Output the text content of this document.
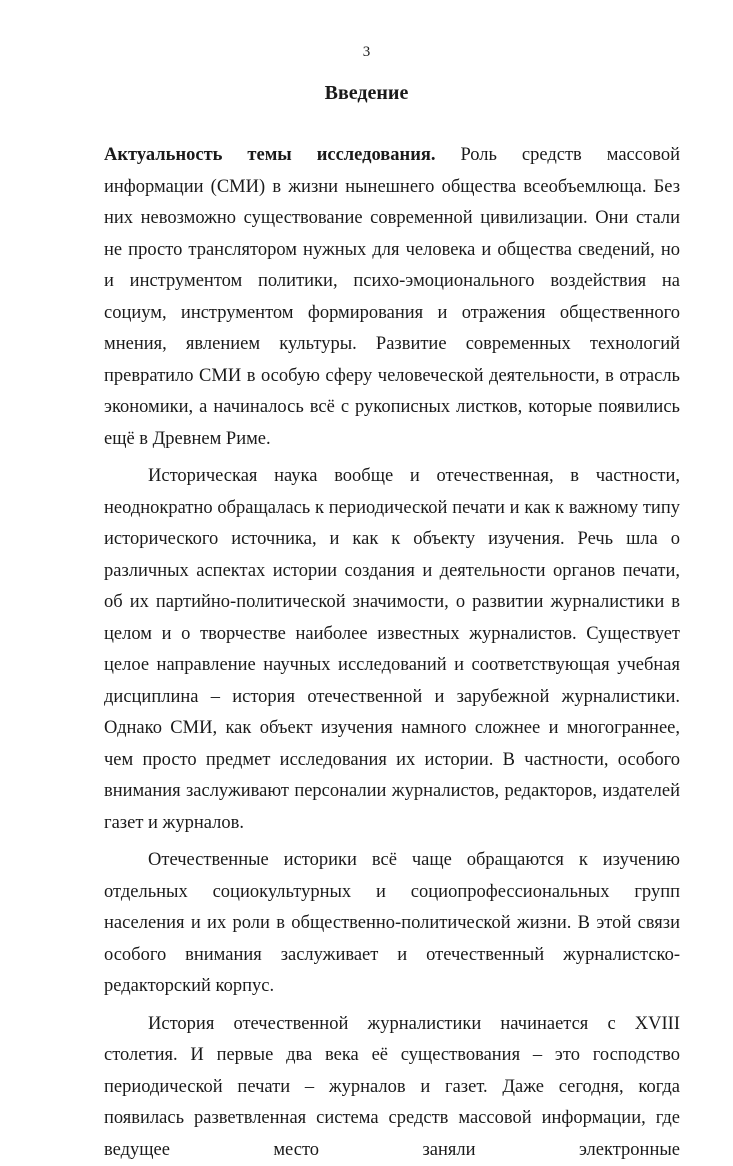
3
Введение

Актуальность темы исследования. Роль средств массовой информации (СМИ) в жизни нынешнего общества всеобъемлюща. Без них невозможно существование современной цивилизации. Они стали не просто транслятором нужных для человека и общества сведений, но и инструментом политики, психо-эмоционального воздействия на социум, инструментом формирования и отражения общественного мнения, явлением культуры. Развитие современных технологий превратило СМИ в особую сферу человеческой деятельности, в отрасль экономики, а начиналось всё с рукописных листков, которые появились ещё в Древнем Риме.

Историческая наука вообще и отечественная, в частности, неоднократно обращалась к периодической печати и как к важному типу исторического источника, и как к объекту изучения. Речь шла о различных аспектах истории создания и деятельности органов печати, об их партийно-политической значимости, о развитии журналистики в целом и о творчестве наиболее известных журналистов. Существует целое направление научных исследований и соответствующая учебная дисциплина – история отечественной и зарубежной журналистики. Однако СМИ, как объект изучения намного сложнее и многограннее, чем просто предмет исследования их истории. В частности, особого внимания заслуживают персоналии журналистов, редакторов, издателей газет и журналов.

Отечественные историки всё чаще обращаются к изучению отдельных социокультурных и социопрофессиональных групп населения и их роли в общественно-политической жизни. В этой связи особого внимания заслуживает и отечественный журналистско-редакторский корпус.

История отечественной журналистики начинается с XVIII столетия. И первые два века её существования – это господство периодической печати – журналов и газет. Даже сегодня, когда появилась разветвленная система средств массовой информации, где ведущее место заняли электронные
